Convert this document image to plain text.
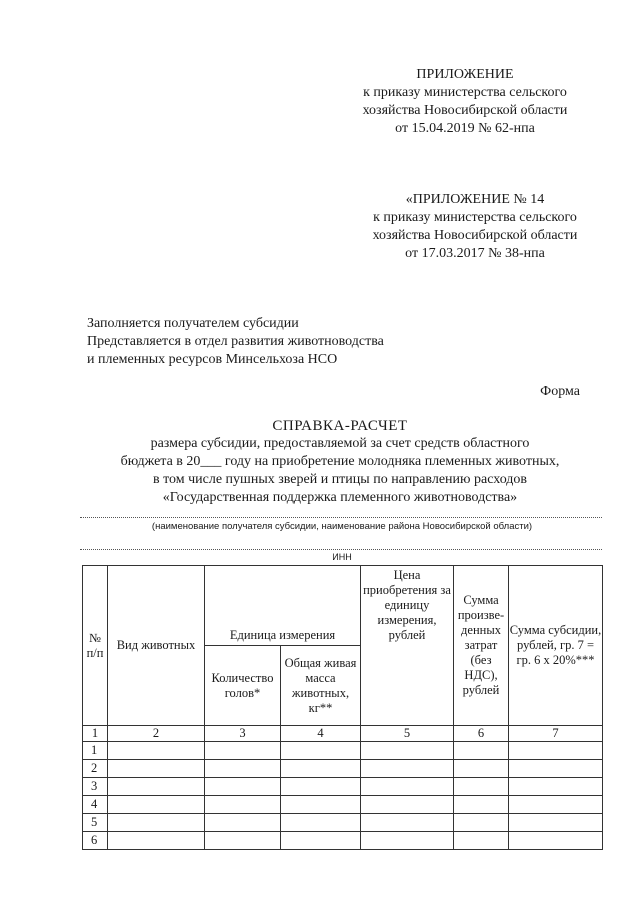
ПРИЛОЖЕНИЕ
к приказу министерства сельского
хозяйства Новосибирской области
от 15.04.2019 № 62-нпа
«ПРИЛОЖЕНИЕ № 14
к приказу министерства сельского
хозяйства Новосибирской области
от 17.03.2017 № 38-нпа
Заполняется получателем субсидии
Представляется в отдел развития животноводства
и племенных ресурсов Минсельхоза НСО
Форма
СПРАВКА-РАСЧЕТ
размера субсидии, предоставляемой за счет средств областного
бюджета в 20___ году на приобретение молодняка племенных животных,
в том числе пушных зверей и птицы по направлению расходов
«Государственная поддержка племенного животноводства»
(наименование получателя субсидии, наименование района Новосибирской области)
ИНН
№ п/п	Вид животных	Единица измерения		Цена приобретения за единицу измерения, рублей	Сумма произве-денных затрат (без НДС), рублей	Сумма субсидии, рублей, гр. 7 = гр. 6 х 20%***
		Количество голов*	Общая живая масса животных, кг**			
1	2	3	4	5	6	7
1						
2						
3						
4						
5						
6						
